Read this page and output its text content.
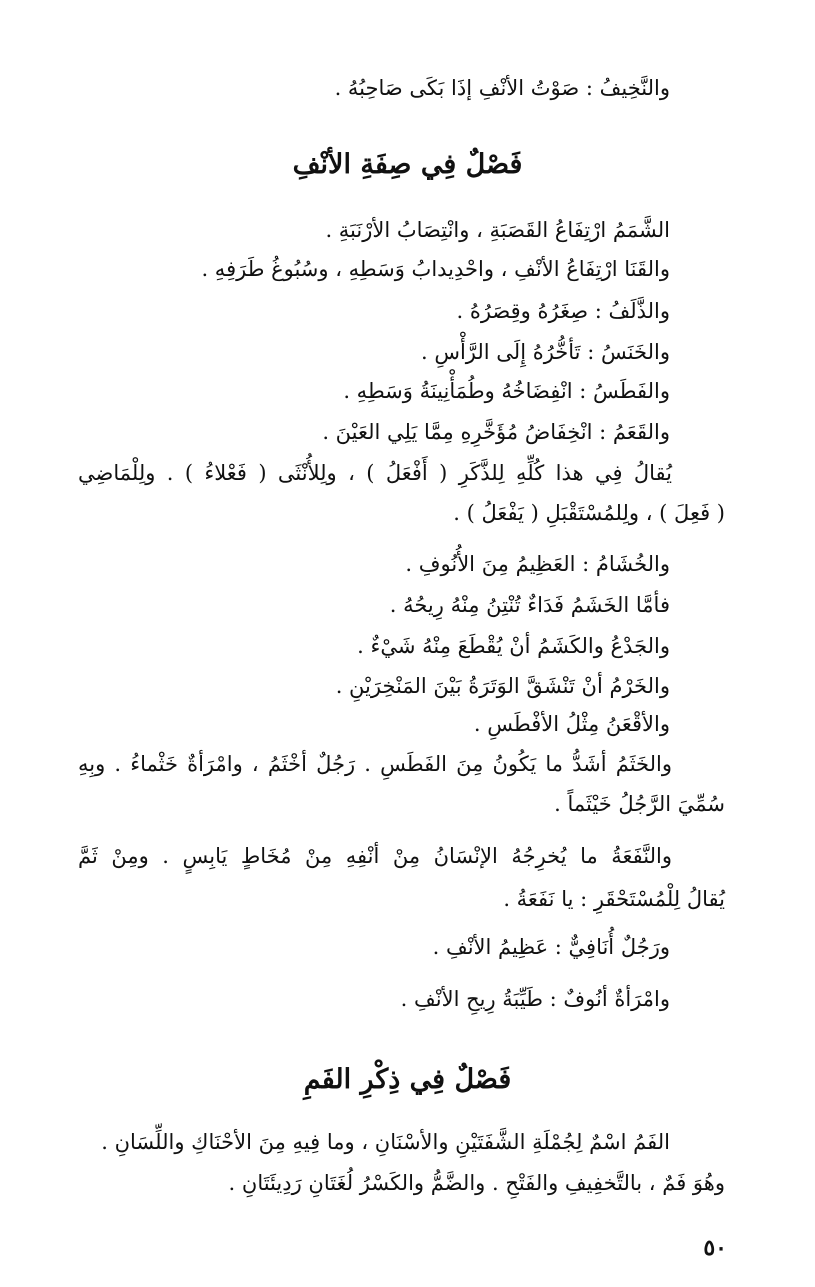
والنَّخِيفُ : صَوْتُ الأنْفِ إذَا بَكَى صَاحِبُهُ .
فَصْلٌ فِي صِفَةِ الأنْفِ
الشَّمَمُ ارْتِفَاعُ القَصَبَةِ ، وانْتِصَابُ الأرْنَبَةِ .
والقَنَا ارْتِفَاعُ الأنْفِ ، واحْدِيدابُ وَسَطِهِ ، وسُبُوغُ طَرَفِهِ .
والذَّلَفُ : صِغَرُهُ وقِصَرُهُ .
والخَنَسُ : تَأخُّرُهُ إِلَى الرَّأْسِ .
والفَطَسُ : انْفِضَاخُهُ وطُمَأْنِينَةُ وَسَطِهِ .
والقَعَمُ : انْخِفَاضُ مُؤَخَّرِهِ مِمَّا يَلِي العَيْنَ .
يُقالُ فِي هذا كُلِّهِ لِلذَّكَرِ ( أَفْعَلُ ) ، ولِلأُنْثَى ( فَعْلاءُ ) . ولِلْمَاضِي
( فَعِلَ ) ، ولِلمُسْتَقْبَلِ ( يَفْعَلُ ) .
والخُشَامُ : العَظِيمُ مِنَ الأُنُوفِ .
فأمَّا الخَشَمُ فَدَاءٌ تُنْتِنُ مِنْهُ رِيحُهُ .
والجَدْعُ والكَشَمُ أنْ يُقْطَعَ مِنْهُ شَيْءٌ .
والخَرْمُ أنْ تَنْشَقَّ الوَتَرَةُ بَيْنَ المَنْخِرَيْنِ .
والأقْعَنُ مِثْلُ الأفْطَسِ .
والخَثَمُ أشَدُّ ما يَكُونُ مِنَ الفَطَسِ . رَجُلٌ أخْثَمُ ، وامْرَأةٌ خَثْماءُ . وبِهِ
سُمِّيَ الرَّجُلُ خَيْثَماً .
والنَّفَعَةُ ما يُخرِجُهُ الإنْسَانُ مِنْ أنْفِهِ مِنْ مُخَاطٍ يَابِسٍ . ومِنْ ثَمَّ
يُقالُ لِلْمُسْتَحْقَرِ : يا نَفَعَةُ .
ورَجُلٌ أُنَافِيٌّ : عَظِيمُ الأنْفِ .
وامْرَأةٌ أنُوفٌ : طَيِّبَةُ رِيحِ الأنْفِ .
فَصْلٌ فِي ذِكْرِ الفَمِ
الفَمُ اسْمٌ لِجُمْلَةِ الشَّفَتَيْنِ والأسْنَانِ ، وما فِيهِ مِنَ الأحْنَاكِ واللِّسَانِ .
وهُوَ فَمٌ ، بالتَّخفِيفِ والفَتْحِ . والضَّمُّ والكَسْرُ لُغَتَانِ رَدِيئَتَانِ .
٥٠
